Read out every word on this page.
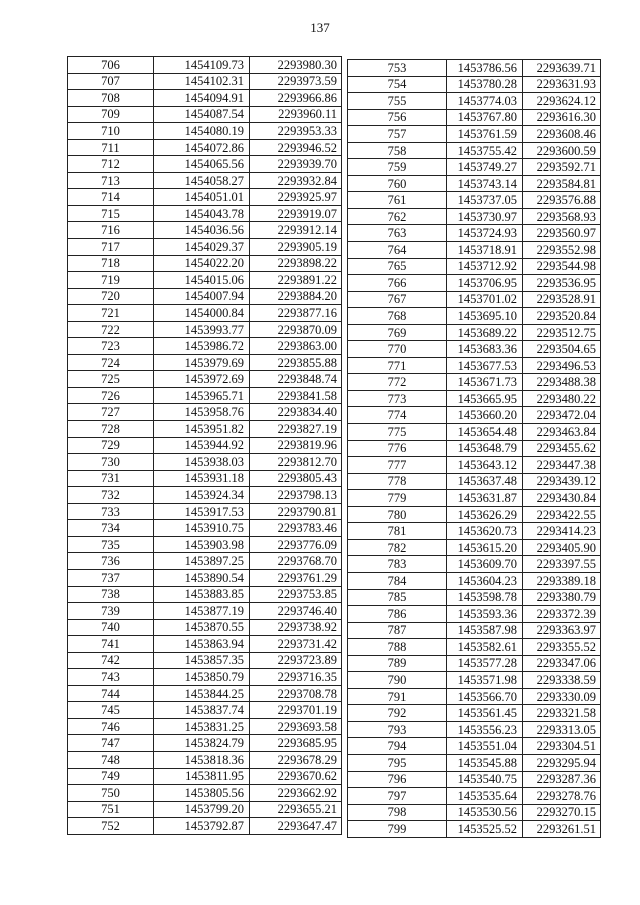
137
706	1454109.73	2293980.30
707	1454102.31	2293973.59
708	1454094.91	2293966.86
709	1454087.54	2293960.11
710	1454080.19	2293953.33
711	1454072.86	2293946.52
712	1454065.56	2293939.70
713	1454058.27	2293932.84
714	1454051.01	2293925.97
715	1454043.78	2293919.07
716	1454036.56	2293912.14
717	1454029.37	2293905.19
718	1454022.20	2293898.22
719	1454015.06	2293891.22
720	1454007.94	2293884.20
721	1454000.84	2293877.16
722	1453993.77	2293870.09
723	1453986.72	2293863.00
724	1453979.69	2293855.88
725	1453972.69	2293848.74
726	1453965.71	2293841.58
727	1453958.76	2293834.40
728	1453951.82	2293827.19
729	1453944.92	2293819.96
730	1453938.03	2293812.70
731	1453931.18	2293805.43
732	1453924.34	2293798.13
733	1453917.53	2293790.81
734	1453910.75	2293783.46
735	1453903.98	2293776.09
736	1453897.25	2293768.70
737	1453890.54	2293761.29
738	1453883.85	2293753.85
739	1453877.19	2293746.40
740	1453870.55	2293738.92
741	1453863.94	2293731.42
742	1453857.35	2293723.89
743	1453850.79	2293716.35
744	1453844.25	2293708.78
745	1453837.74	2293701.19
746	1453831.25	2293693.58
747	1453824.79	2293685.95
748	1453818.36	2293678.29
749	1453811.95	2293670.62
750	1453805.56	2293662.92
751	1453799.20	2293655.21
752	1453792.87	2293647.47
753	1453786.56	2293639.71
754	1453780.28	2293631.93
755	1453774.03	2293624.12
756	1453767.80	2293616.30
757	1453761.59	2293608.46
758	1453755.42	2293600.59
759	1453749.27	2293592.71
760	1453743.14	2293584.81
761	1453737.05	2293576.88
762	1453730.97	2293568.93
763	1453724.93	2293560.97
764	1453718.91	2293552.98
765	1453712.92	2293544.98
766	1453706.95	2293536.95
767	1453701.02	2293528.91
768	1453695.10	2293520.84
769	1453689.22	2293512.75
770	1453683.36	2293504.65
771	1453677.53	2293496.53
772	1453671.73	2293488.38
773	1453665.95	2293480.22
774	1453660.20	2293472.04
775	1453654.48	2293463.84
776	1453648.79	2293455.62
777	1453643.12	2293447.38
778	1453637.48	2293439.12
779	1453631.87	2293430.84
780	1453626.29	2293422.55
781	1453620.73	2293414.23
782	1453615.20	2293405.90
783	1453609.70	2293397.55
784	1453604.23	2293389.18
785	1453598.78	2293380.79
786	1453593.36	2293372.39
787	1453587.98	2293363.97
788	1453582.61	2293355.52
789	1453577.28	2293347.06
790	1453571.98	2293338.59
791	1453566.70	2293330.09
792	1453561.45	2293321.58
793	1453556.23	2293313.05
794	1453551.04	2293304.51
795	1453545.88	2293295.94
796	1453540.75	2293287.36
797	1453535.64	2293278.76
798	1453530.56	2293270.15
799	1453525.52	2293261.51
